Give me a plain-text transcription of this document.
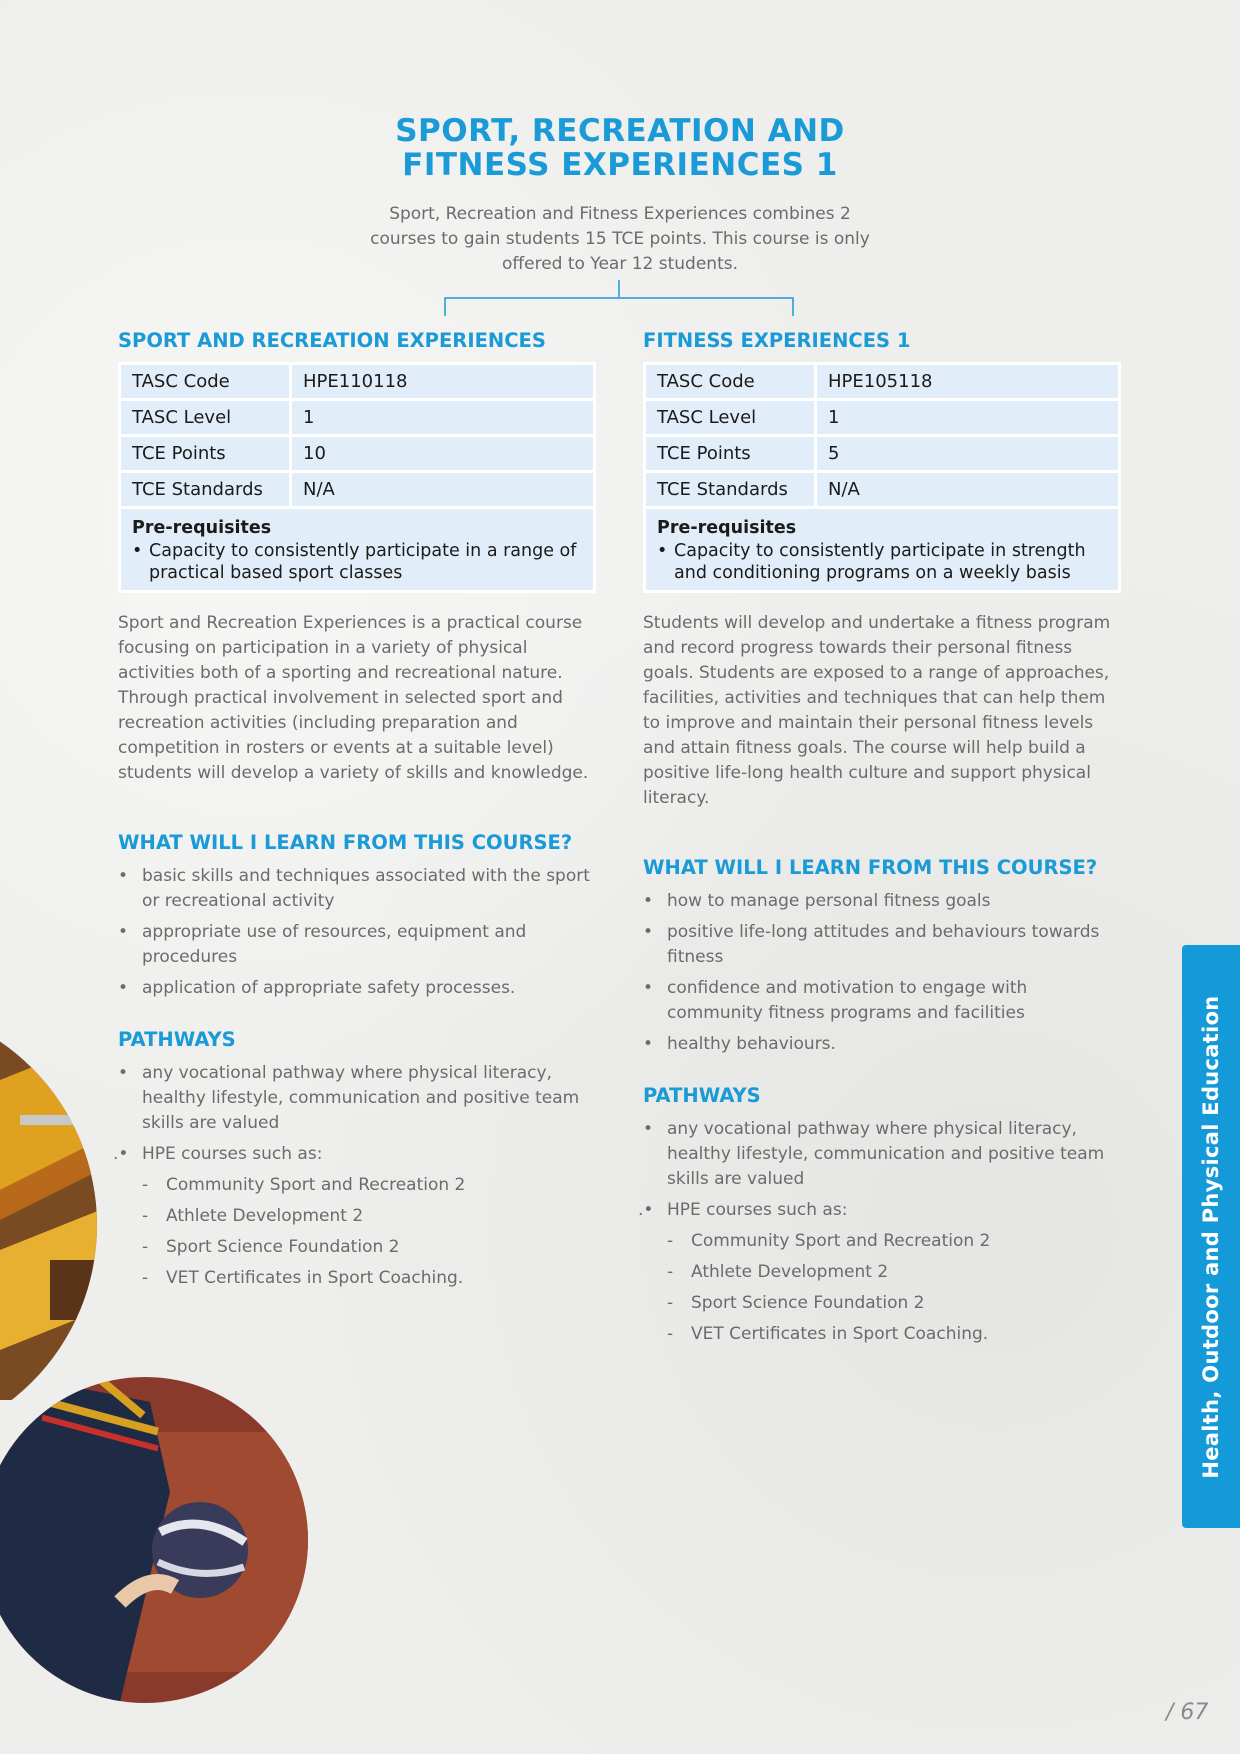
SPORT, RECREATION AND
FITNESS EXPERIENCES 1
Sport, Recreation and Fitness Experiences combines 2 courses to gain students 15 TCE points. This course is only offered to Year 12 students.
SPORT AND RECREATION EXPERIENCES
TASC Code	HPE110118
TASC Level	1
TCE Points	10
TCE Standards	N/A
Pre-requisites
• Capacity to consistently participate in a range of practical based sport classes
Sport and Recreation Experiences is a practical course focusing on participation in a variety of physical activities both of a sporting and recreational nature. Through practical involvement in selected sport and recreation activities (including preparation and competition in rosters or events at a suitable level) students will develop a variety of skills and knowledge.
WHAT WILL I LEARN FROM THIS COURSE?
• basic skills and techniques associated with the sport or recreational activity
• appropriate use of resources, equipment and procedures
• application of appropriate safety processes.
PATHWAYS
• any vocational pathway where physical literacy, healthy lifestyle, communication and positive team skills are valued
.• HPE courses such as:
-	Community Sport and Recreation 2
-	Athlete Development 2
-	Sport Science Foundation 2
-	VET Certificates in Sport Coaching.
FITNESS EXPERIENCES 1
TASC Code	HPE105118
TASC Level	1
TCE Points	5
TCE Standards	N/A
Pre-requisites
• Capacity to consistently participate in strength and conditioning programs on a weekly basis
Students will develop and undertake a fitness program and record progress towards their personal fitness goals. Students are exposed to a range of approaches, facilities, activities and techniques that can help them to improve and maintain their personal fitness levels and attain fitness goals. The course will help build a positive life-long health culture and support physical literacy.
WHAT WILL I LEARN FROM THIS COURSE?
• how to manage personal fitness goals
• positive life-long attitudes and behaviours towards fitness
• confidence and motivation to engage with community fitness programs and facilities
• healthy behaviours.
PATHWAYS
• any vocational pathway where physical literacy, healthy lifestyle, communication and positive team skills are valued
.• HPE courses such as:
-	Community Sport and Recreation 2
-	Athlete Development 2
-	Sport Science Foundation 2
-	VET Certificates in Sport Coaching.	Health, Outdoor and Physical Education
/ 67
